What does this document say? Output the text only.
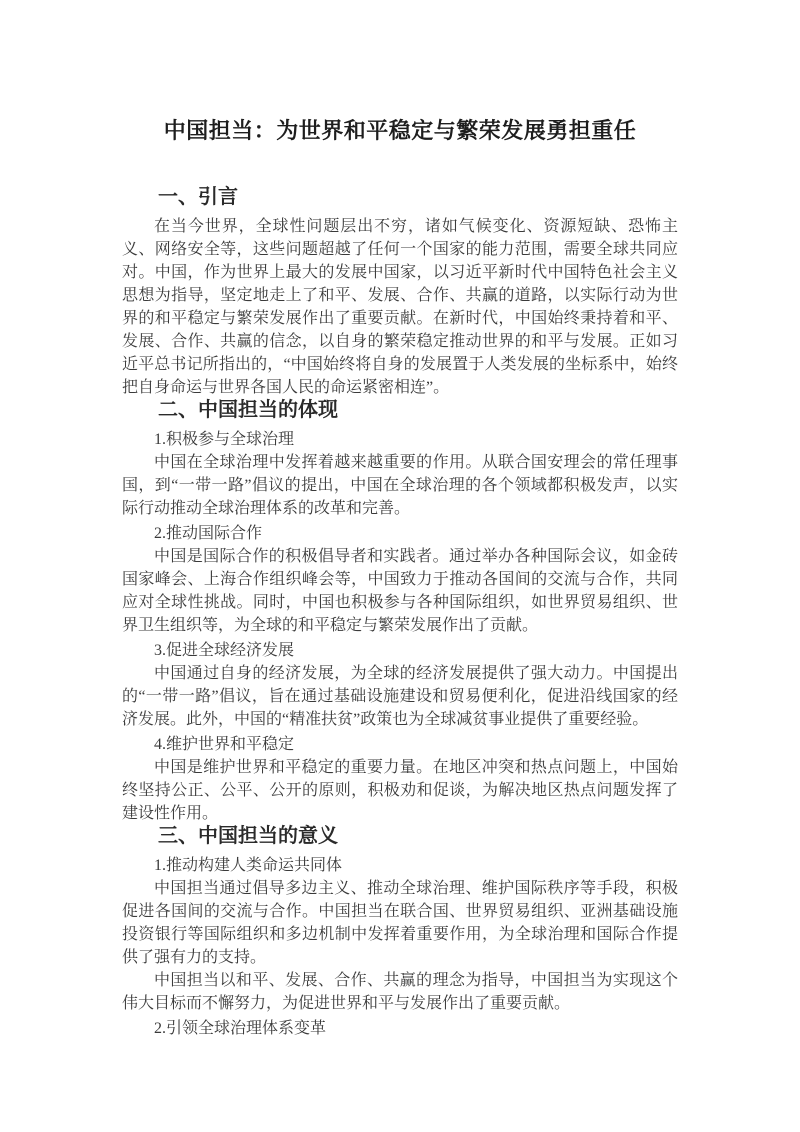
中国担当：为世界和平稳定与繁荣发展勇担重任
一、引言

在当今世界，全球性问题层出不穷，诸如气候变化、资源短缺、恐怖主义、网络安全等，这些问题超越了任何一个国家的能力范围，需要全球共同应对。中国，作为世界上最大的发展中国家，以习近平新时代中国特色社会主义思想为指导，坚定地走上了和平、发展、合作、共赢的道路，以实际行动为世界的和平稳定与繁荣发展作出了重要贡献。在新时代，中国始终秉持着和平、发展、合作、共赢的信念，以自身的繁荣稳定推动世界的和平与发展。正如习近平总书记所指出的，“中国始终将自身的发展置于人类发展的坐标系中，始终把自身命运与世界各国人民的命运紧密相连”。

二、中国担当的体现
1.积极参与全球治理

中国在全球治理中发挥着越来越重要的作用。从联合国安理会的常任理事国，到“一带一路”倡议的提出，中国在全球治理的各个领域都积极发声，以实际行动推动全球治理体系的改革和完善。

2.推动国际合作

中国是国际合作的积极倡导者和实践者。通过举办各种国际会议，如金砖国家峰会、上海合作组织峰会等，中国致力于推动各国间的交流与合作，共同应对全球性挑战。同时，中国也积极参与各种国际组织，如世界贸易组织、世界卫生组织等，为全球的和平稳定与繁荣发展作出了贡献。

3.促进全球经济发展

中国通过自身的经济发展，为全球的经济发展提供了强大动力。中国提出的“一带一路”倡议，旨在通过基础设施建设和贸易便利化，促进沿线国家的经济发展。此外，中国的“精准扶贫”政策也为全球减贫事业提供了重要经验。

4.维护世界和平稳定

中国是维护世界和平稳定的重要力量。在地区冲突和热点问题上，中国始终坚持公正、公平、公开的原则，积极劝和促谈，为解决地区热点问题发挥了建设性作用。

三、中国担当的意义
1.推动构建人类命运共同体

中国担当通过倡导多边主义、推动全球治理、维护国际秩序等手段，积极促进各国间的交流与合作。中国担当在联合国、世界贸易组织、亚洲基础设施投资银行等国际组织和多边机制中发挥着重要作用，为全球治理和国际合作提供了强有力的支持。

中国担当以和平、发展、合作、共赢的理念为指导，中国担当为实现这个伟大目标而不懈努力，为促进世界和平与发展作出了重要贡献。

2.引领全球治理体系变革
